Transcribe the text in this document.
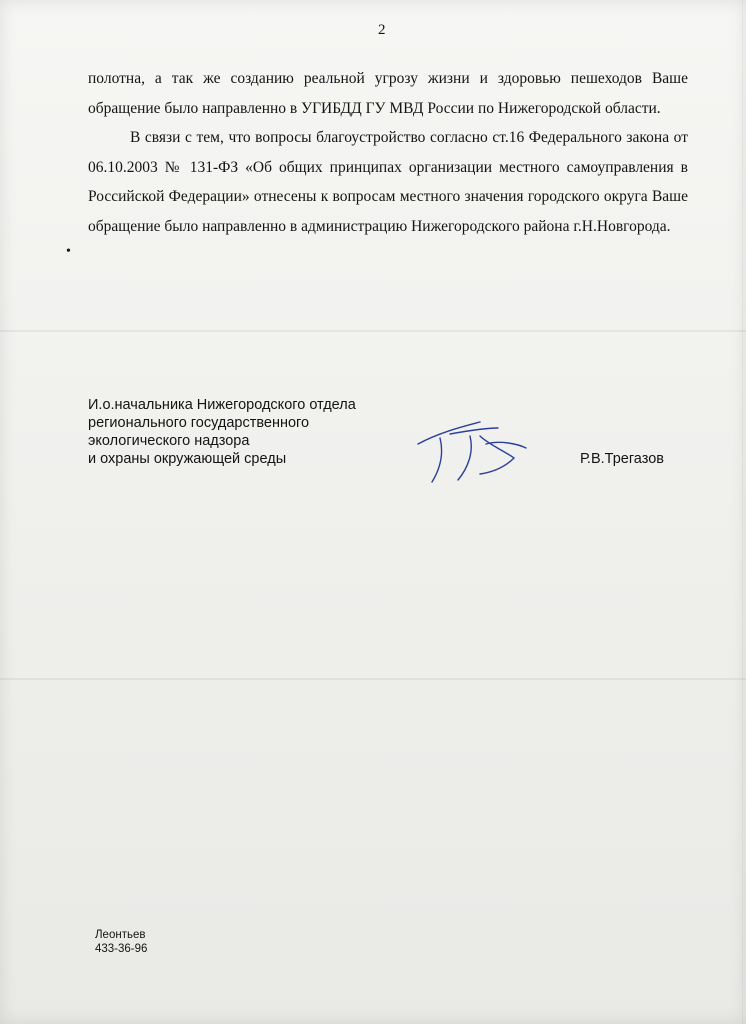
2
•

полотна, а так же созданию реальной угрозу жизни и здоровью пешеходов Ваше обращение было направленно в УГИБДД ГУ МВД России по Нижегородской области.

В связи с тем, что вопросы благоустройство согласно ст.16 Федерального закона от 06.10.2003 № 131-ФЗ «Об общих принципах организации местного самоуправления в Российской Федерации» отнесены к вопросам местного значения городского округа Ваше обращение было направленно в администрацию Нижегородского района г.Н.Новгорода.

И.о.начальника Нижегородского отдела
регионального государственного
экологического надзора
и охраны окружающей среды	Р.В.Трегазов
Леонтьев
433-36-96
